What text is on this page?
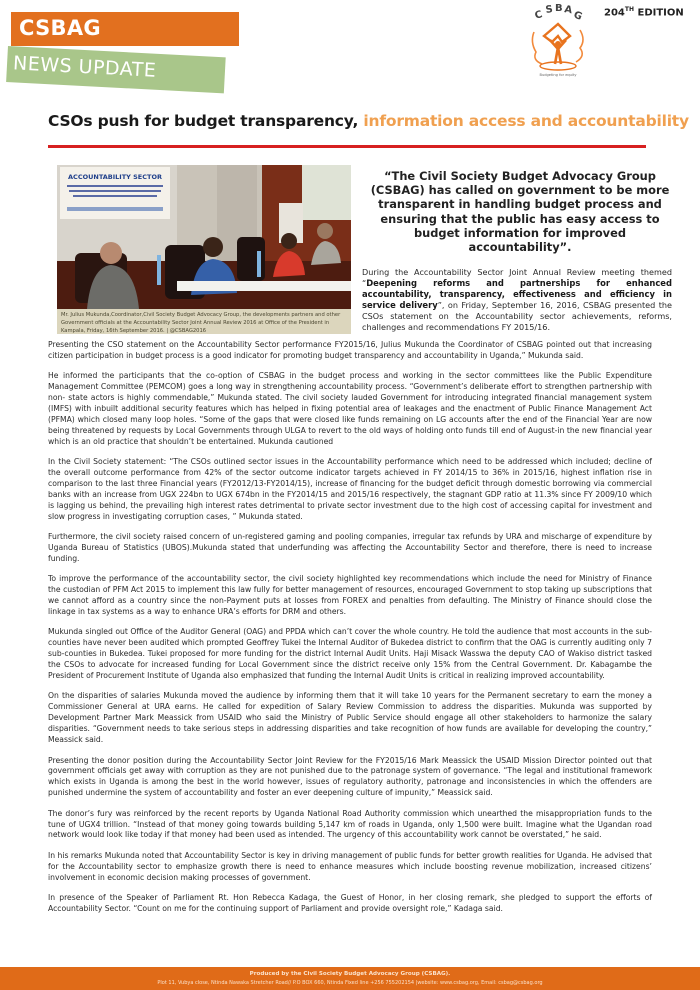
CSBAG
NEWS UPDATE
C S B A
G
Budgeting for equity
204TH EDITION
CSOs push for budget transparency, information access and accountability
ACCOUNTABILITY SECTOR
Mr. Julius Mukunda,Coordinator,Civil Society Budget Advocacy Group, the developments partners and other Government officials at the Accountability Sector Joint Annual Review 2016 at Office of the President in Kampala, Friday, 16th September 2016. | @CSBAG2016
“The Civil Society Budget Advocacy Group (CSBAG) has called on government to be more transparent in handling budget process and ensuring that the public has easy access to budget information for improved accountability”.
During the Accountability Sector Joint Annual Review meeting themed “Deepening reforms and partnerships for enhanced accountability, transparency, effectiveness and efficiency in service delivery”, on Friday, September 16, 2016, CSBAG presented the CSOs statement on the Accountability sector achievements, reforms, challenges and recommendations FY 2015/16.

Presenting the CSO statement on the Accountability Sector performance FY2015/16, Julius Mukunda the Coordinator of CSBAG pointed out that increasing citizen participation in budget process is a good indicator for promoting budget transparency and accountability in Uganda,” Mukunda said.

He informed the participants that the co-option of CSBAG in the budget process and working in the sector committees like the Public Expenditure Management Committee (PEMCOM) goes a long way in strengthening accountability process. “Government’s deliberate effort to strengthen partnership with non- state actors is highly commendable,” Mukunda stated. The civil society lauded Government for introducing integrated financial management system (IMFS) with inbuilt additional security features which has helped in fixing potential area of leakages and the enactment of Public Finance Management Act (PFMA) which closed many loop holes. “Some of the gaps that were closed like funds remaining on LG accounts after the end of the Financial Year are now being threatened by requests by Local Governments through ULGA to revert to the old ways of holding onto funds till end of August-in the new financial year which is an old practice that shouldn’t be entertained. Mukunda cautioned

In the Civil Society statement: “The CSOs outlined sector issues in the Accountability performance which need to be addressed which included; decline of the overall outcome performance from 42% of the sector outcome indicator targets achieved in FY 2014/15 to 36% in 2015/16, highest inflation rise in comparison to the last three Financial years (FY2012/13-FY2014/15), increase of financing for the budget deficit through domestic borrowing via commercial banks with an increase from UGX 224bn to UGX 674bn in the FY2014/15 and 2015/16 respectively, the stagnant GDP ratio at 11.3% since FY 2009/10 which is lagging us behind, the prevailing high interest rates detrimental to private sector investment due to the high cost of accessing capital for investment and slow progress in investigating corruption cases, ” Mukunda stated.

Furthermore, the civil society raised concern of un-registered gaming and pooling companies, irregular tax refunds by URA and mischarge of expenditure by Uganda Bureau of Statistics (UBOS).Mukunda stated that underfunding was affecting the Accountability Sector and therefore, there is need to increase funding.

To improve the performance of the accountability sector, the civil society highlighted key recommendations which include the need for Ministry of Finance the custodian of PFM Act 2015 to implement this law fully for better management of resources, encouraged Government to stop taking up subscriptions that we cannot afford as a country since the non-Payment puts at losses from FOREX and penalties from defaulting. The Ministry of Finance should close the linkage in tax systems as a way to enhance URA’s efforts for DRM and others.

Mukunda singled out Office of the Auditor General (OAG) and PPDA which can’t cover the whole country. He told the audience that most accounts in the sub-counties have never been audited which prompted Geoffrey Tukei the Internal Auditor of Bukedea district to confirm that the OAG is currently auditing only 7 sub-counties in Bukedea. Tukei proposed for more funding for the district Internal Audit Units. Haji Misack Wasswa the deputy CAO of Wakiso district tasked the CSOs to advocate for increased funding for Local Government since the district receive only 15% from the Central Government. Dr. Kabagambe the President of Procurement Institute of Uganda also emphasized that funding the Internal Audit Units is critical in realizing improved accountability.

On the disparities of salaries Mukunda moved the audience by informing them that it will take 10 years for the Permanent secretary to earn the money a Commissioner General at URA earns. He called for expedition of Salary Review Commission to address the disparities. Mukunda was supported by Development Partner Mark Meassick from USAID who said the Ministry of Public Service should engage all other stakeholders to harmonize the salary disparities. “Government needs to take serious steps in addressing disparities and take recognition of how funds are available for developing the country,” Meassick said.

Presenting the donor position during the Accountability Sector Joint Review for the FY2015/16 Mark Meassick the USAID Mission Director pointed out that government officials get away with corruption as they are not punished due to the patronage system of governance. “The legal and institutional framework which exists in Uganda is among the best in the world however, issues of regulatory authority, patronage and inconsistencies in which the offenders are punished undermine the system of accountability and foster an ever deepening culture of impunity,” Meassick said.

The donor’s fury was reinforced by the recent reports by Uganda National Road Authority commission which unearthed the misappropriation funds to the tune of UGX4 trillion. “Instead of that money going towards building 5,147 km of roads in Uganda, only 1,500 were built. Imagine what the Ugandan road network would look like today if that money had been used as intended. The urgency of this accountability work cannot be overstated,” he said.

In his remarks Mukunda noted that Accountability Sector is key in driving management of public funds for better growth realities for Uganda. He advised that for the Accountability sector to emphasize growth there is need to enhance measures which include boosting revenue mobilization, increased citizens’ involvement in economic decision making processes of government.

In presence of the Speaker of Parliament Rt. Hon Rebecca Kadaga, the Guest of Honor, in her closing remark, she pledged to support the efforts of Accountability Sector. “Count on me for the continuing support of Parliament and provide oversight role,” Kadaga said.

Produced by the Civil Society Budget Advocacy Group (CSBAG).
Plot 11, Vubya close, Ntinda Nawaka Stretcher Road// P.O BOX 660, Ntinda Fixed line +256 755202154 |website: www.csbag.org, Email: csbag@csbag.org
